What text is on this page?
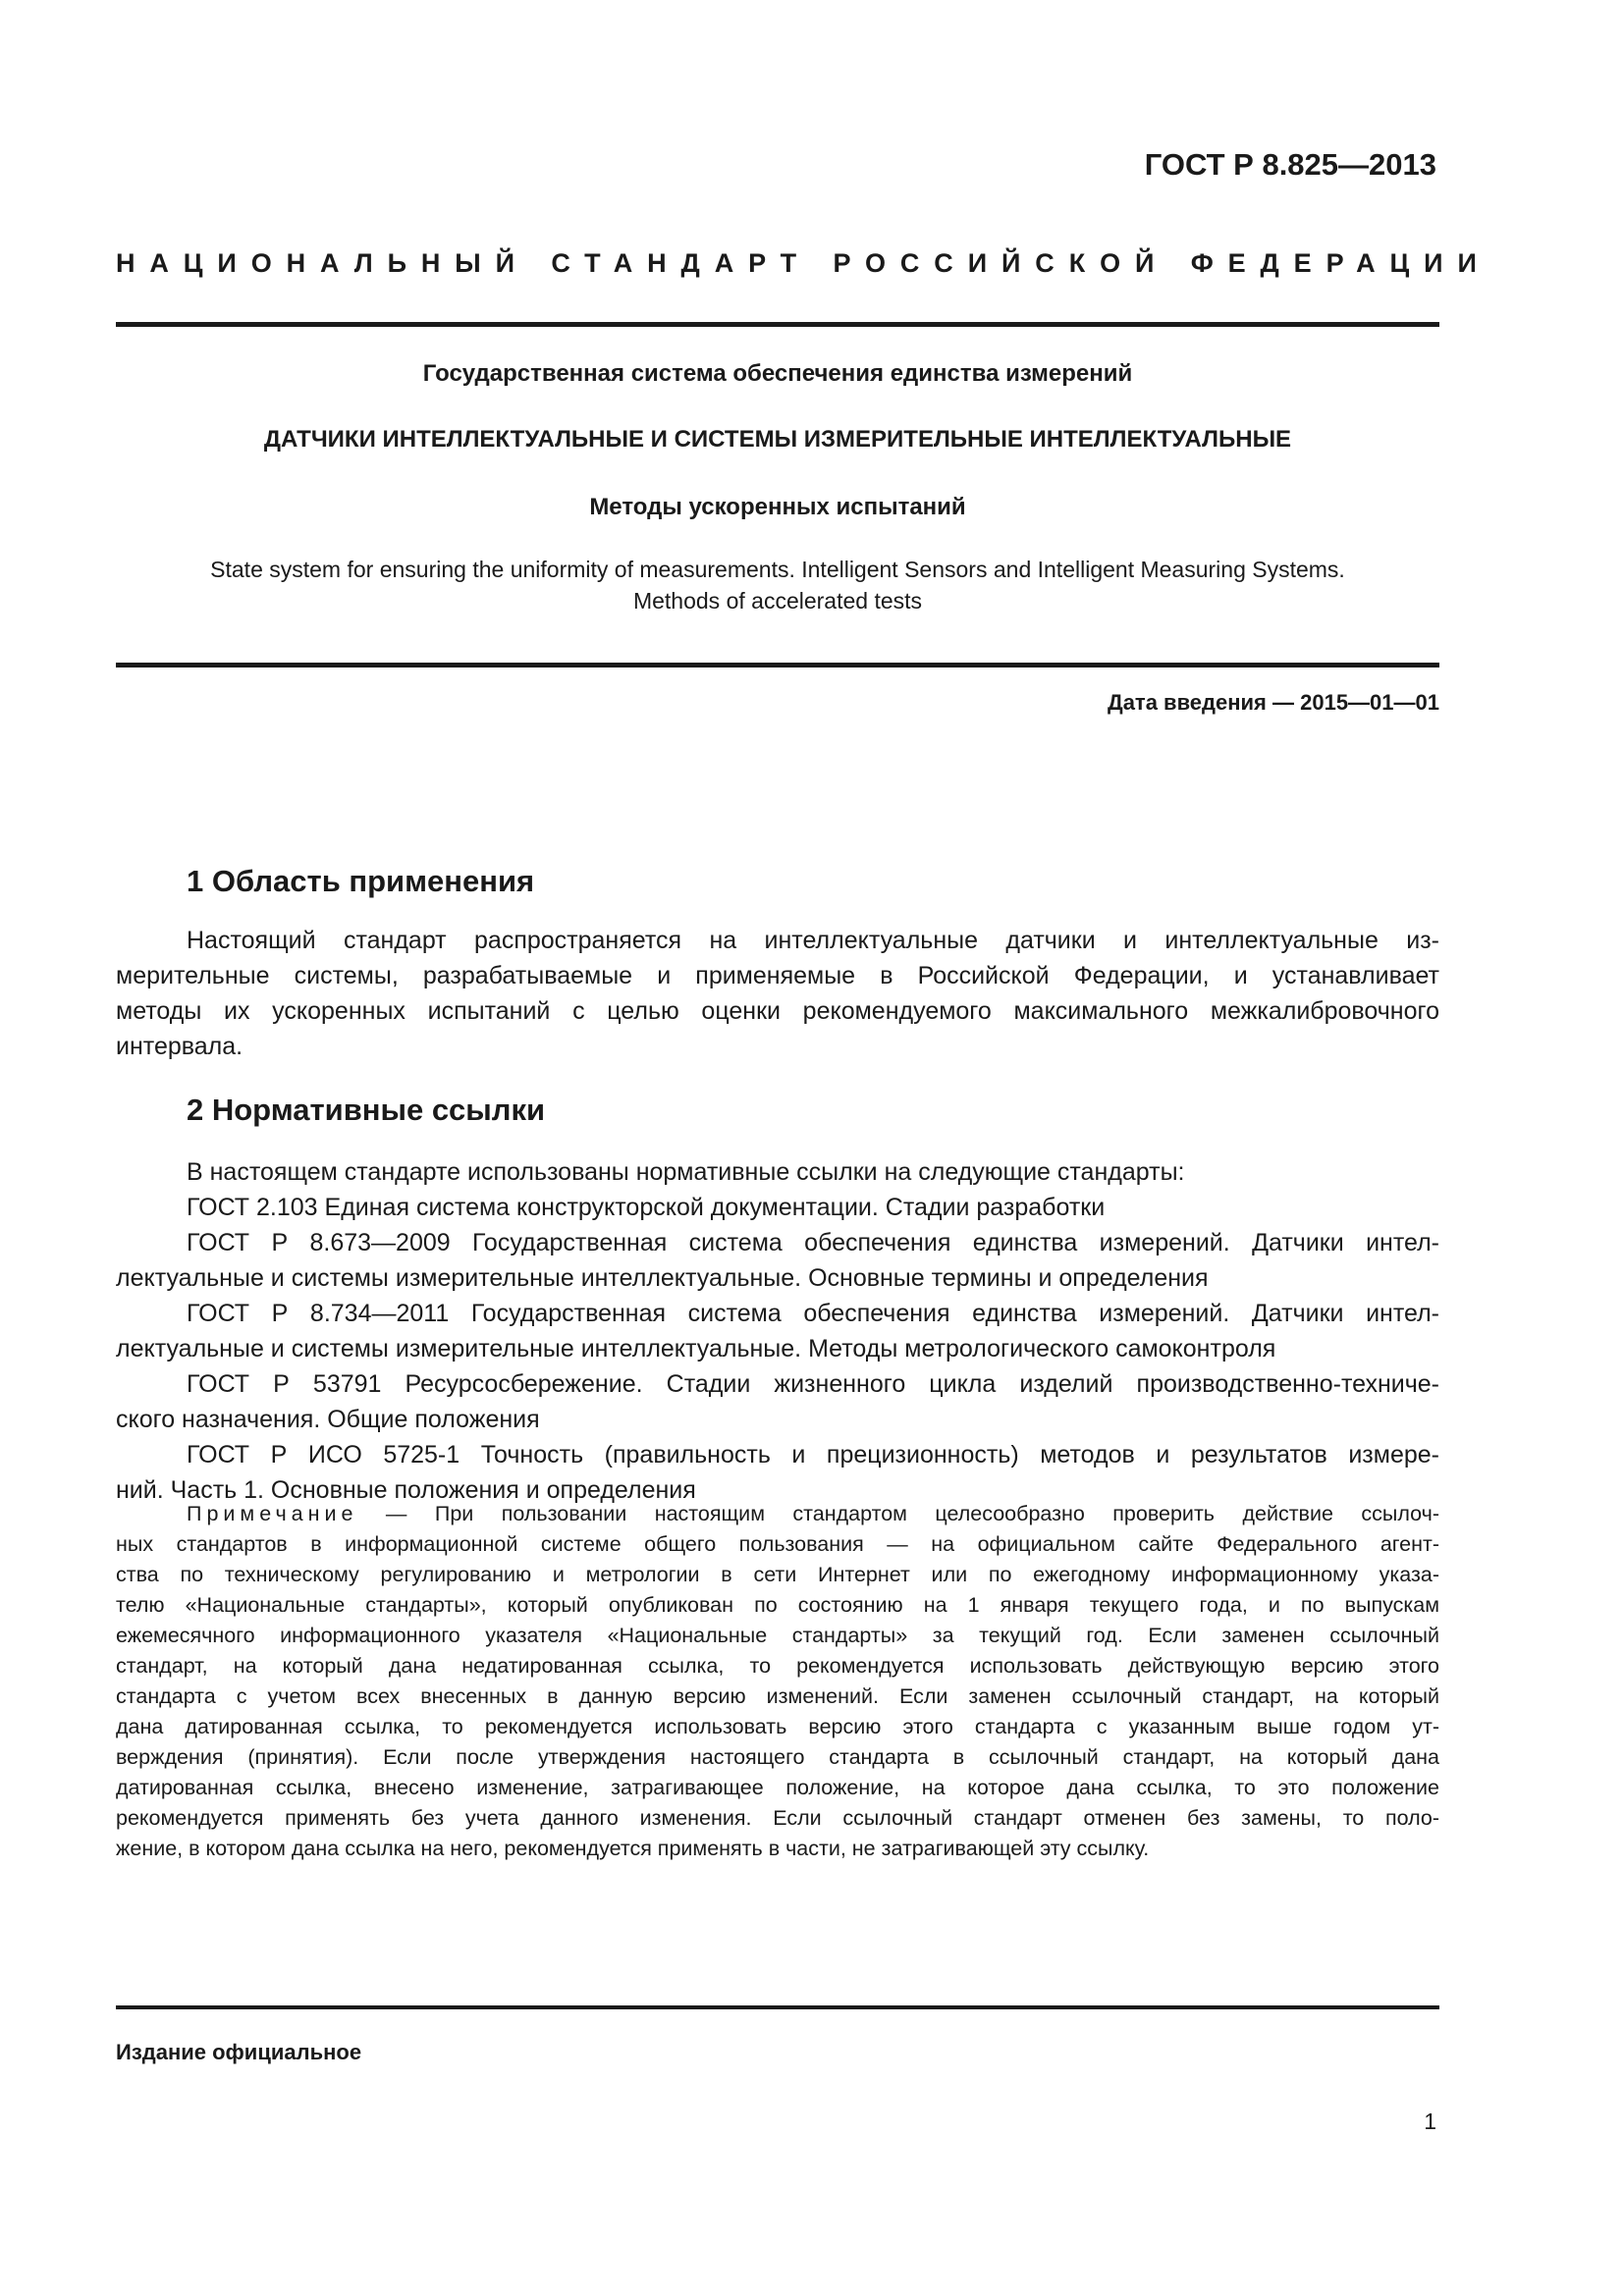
ГОСТ Р 8.825—2013
НАЦИОНАЛЬНЫЙ СТАНДАРТ РОССИЙСКОЙ ФЕДЕРАЦИИ
Государственная система обеспечения единства измерений
ДАТЧИКИ ИНТЕЛЛЕКТУАЛЬНЫЕ И СИСТЕМЫ ИЗМЕРИТЕЛЬНЫЕ ИНТЕЛЛЕКТУАЛЬНЫЕ
Методы ускоренных испытаний
State system for ensuring the uniformity of measurements. Intelligent Sensors and Intelligent Measuring Systems.
Methods of accelerated tests
Дата введения — 2015—01—01
1 Область применения
Настоящий стандарт распространяется на интеллектуальные датчики и интеллектуальные из-
мерительные системы, разрабатываемые и применяемые в Российской Федерации, и устанавливает
методы их ускоренных испытаний с целью оценки рекомендуемого максимального межкалибровочного
интервала.
2 Нормативные ссылки
В настоящем стандарте использованы нормативные ссылки на следующие стандарты:
ГОСТ 2.103 Единая система конструкторской документации. Стадии разработки
ГОСТ Р 8.673—2009 Государственная система обеспечения единства измерений. Датчики интел-
лектуальные и системы измерительные интеллектуальные. Основные термины и определения
ГОСТ Р 8.734—2011 Государственная система обеспечения единства измерений. Датчики интел-
лектуальные и системы измерительные интеллектуальные. Методы метрологического самоконтроля
ГОСТ Р 53791 Ресурсосбережение. Стадии жизненного цикла изделий производственно-техниче-
ского назначения. Общие положения
ГОСТ Р ИСО 5725-1 Точность (правильность и прецизионность) методов и результатов измере-
ний. Часть 1. Основные положения и определения
Примечание — При пользовании настоящим стандартом целесообразно проверить действие ссылоч-
ных стандартов в информационной системе общего пользования — на официальном сайте Федерального агент-
ства по техническому регулированию и метрологии в сети Интернет или по ежегодному информационному указа-
телю «Национальные стандарты», который опубликован по состоянию на 1 января текущего года, и по выпускам
ежемесячного информационного указателя «Национальные стандарты» за текущий год. Если заменен ссылочный
стандарт, на который дана недатированная ссылка, то рекомендуется использовать действующую версию этого
стандарта с учетом всех внесенных в данную версию изменений. Если заменен ссылочный стандарт, на который
дана датированная ссылка, то рекомендуется использовать версию этого стандарта с указанным выше годом ут-
верждения (принятия). Если после утверждения настоящего стандарта в ссылочный стандарт, на который дана
датированная ссылка, внесено изменение, затрагивающее положение, на которое дана ссылка, то это положение
рекомендуется применять без учета данного изменения. Если ссылочный стандарт отменен без замены, то поло-
жение, в котором дана ссылка на него, рекомендуется применять в части, не затрагивающей эту ссылку.
Издание официальное
1
